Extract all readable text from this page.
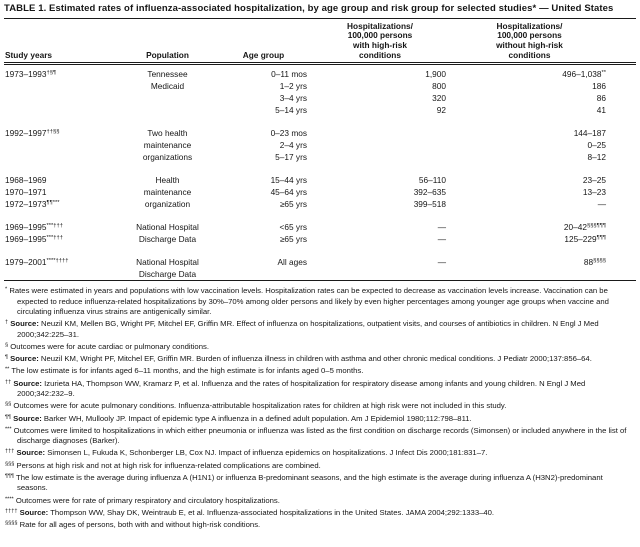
TABLE 1. Estimated rates of influenza-associated hospitalization, by age group and risk group for selected studies* — United States
Study years	Population	Age group	Hospitalizations/
100,000 persons
with high-risk
conditions	Hospitalizations/
100,000 persons
without high-risk
conditions
1973–1993†§¶	Tennessee	0–11 mos	1,900	496–1,038**
	Medicaid	1–2 yrs	800	186
		3–4 yrs	320	86
		5–14 yrs	92	41

1992–1997††§§	Two health	0–23 mos		144–187
	maintenance	2–4 yrs		0–25
	organizations	5–17 yrs		8–12

1968–1969	Health	15–44 yrs	56–110	23–25
1970–1971	maintenance	45–64 yrs	392–635	13–23
1972–1973¶¶***	organization	≥65 yrs	399–518	—

1969–1995***†††	National Hospital	<65 yrs	—	20–42§§§¶¶¶
1969–1995***†††	Discharge Data	≥65 yrs	—	125–229¶¶¶

1979–2001****††††	National Hospital	All ages	—	88§§§§
	Discharge Data			
* Rates were estimated in years and populations with low vaccination levels. Hospitalization rates can be expected to decrease as vaccination levels increase. Vaccination can be expected to reduce influenza-related hospitalizations by 30%–70% among older persons and likely by even higher percentages among younger age groups when vaccine and circulating influenza virus strains are antigenically similar.
† Source: Neuzil KM, Mellen BG, Wright PF, Mitchel EF, Griffin MR. Effect of influenza on hospitalizations, outpatient visits, and courses of antibiotics in children. N Engl J Med 2000;342:225–31.
§ Outcomes were for acute cardiac or pulmonary conditions.
¶ Source: Neuzil KM, Wright PF, Mitchel EF, Griffin MR. Burden of influenza illness in children with asthma and other chronic medical conditions. J Pediatr 2000;137:856–64.
** The low estimate is for infants aged 6–11 months, and the high estimate is for infants aged 0–5 months.
†† Source: Izurieta HA, Thompson WW, Kramarz P, et al. Influenza and the rates of hospitalization for respiratory disease among infants and young children. N Engl J Med 2000;342:232–9.
§§ Outcomes were for acute pulmonary conditions. Influenza-attributable hospitalization rates for children at high risk were not included in this study.
¶¶ Source: Barker WH, Mullooly JP. Impact of epidemic type A influenza in a defined adult population. Am J Epidemiol 1980;112:798–811.
*** Outcomes were limited to hospitalizations in which either pneumonia or influenza was listed as the first condition on discharge records (Simonsen) or included anywhere in the list of discharge diagnoses (Barker).
††† Source: Simonsen L, Fukuda K, Schonberger LB, Cox NJ. Impact of influenza epidemics on hospitalizations. J Infect Dis 2000;181:831–7.
§§§ Persons at high risk and not at high risk for influenza-related complications are combined.
¶¶¶ The low estimate is the average during influenza A (H1N1) or influenza B-predominant seasons, and the high estimate is the average during influenza A (H3N2)-predominant seasons.
**** Outcomes were for rate of primary respiratory and circulatory hospitalizations.
†††† Source: Thompson WW, Shay DK, Weintraub E, et al. Influenza-associated hospitalizations in the United States. JAMA 2004;292:1333–40.
§§§§ Rate for all ages of persons, both with and without high-risk conditions.
